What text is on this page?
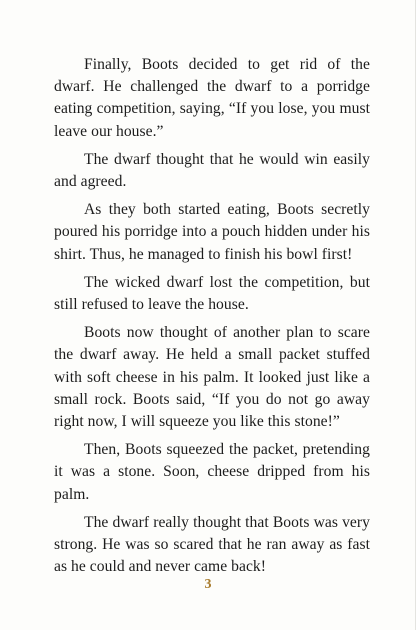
Finally, Boots decided to get rid of the dwarf. He challenged the dwarf to a porridge eating competition, saying, “If you lose, you must leave our house.”

The dwarf thought that he would win easily and agreed.

As they both started eating, Boots secretly poured his porridge into a pouch hidden under his shirt. Thus, he managed to finish his bowl first!

The wicked dwarf lost the competition, but still refused to leave the house.

Boots now thought of another plan to scare the dwarf away. He held a small packet stuffed with soft cheese in his palm. It looked just like a small rock. Boots said, “If you do not go away right now, I will squeeze you like this stone!”

Then, Boots squeezed the packet, pretending it was a stone. Soon, cheese dripped from his palm.

The dwarf really thought that Boots was very strong. He was so scared that he ran away as fast as he could and never came back!

3
